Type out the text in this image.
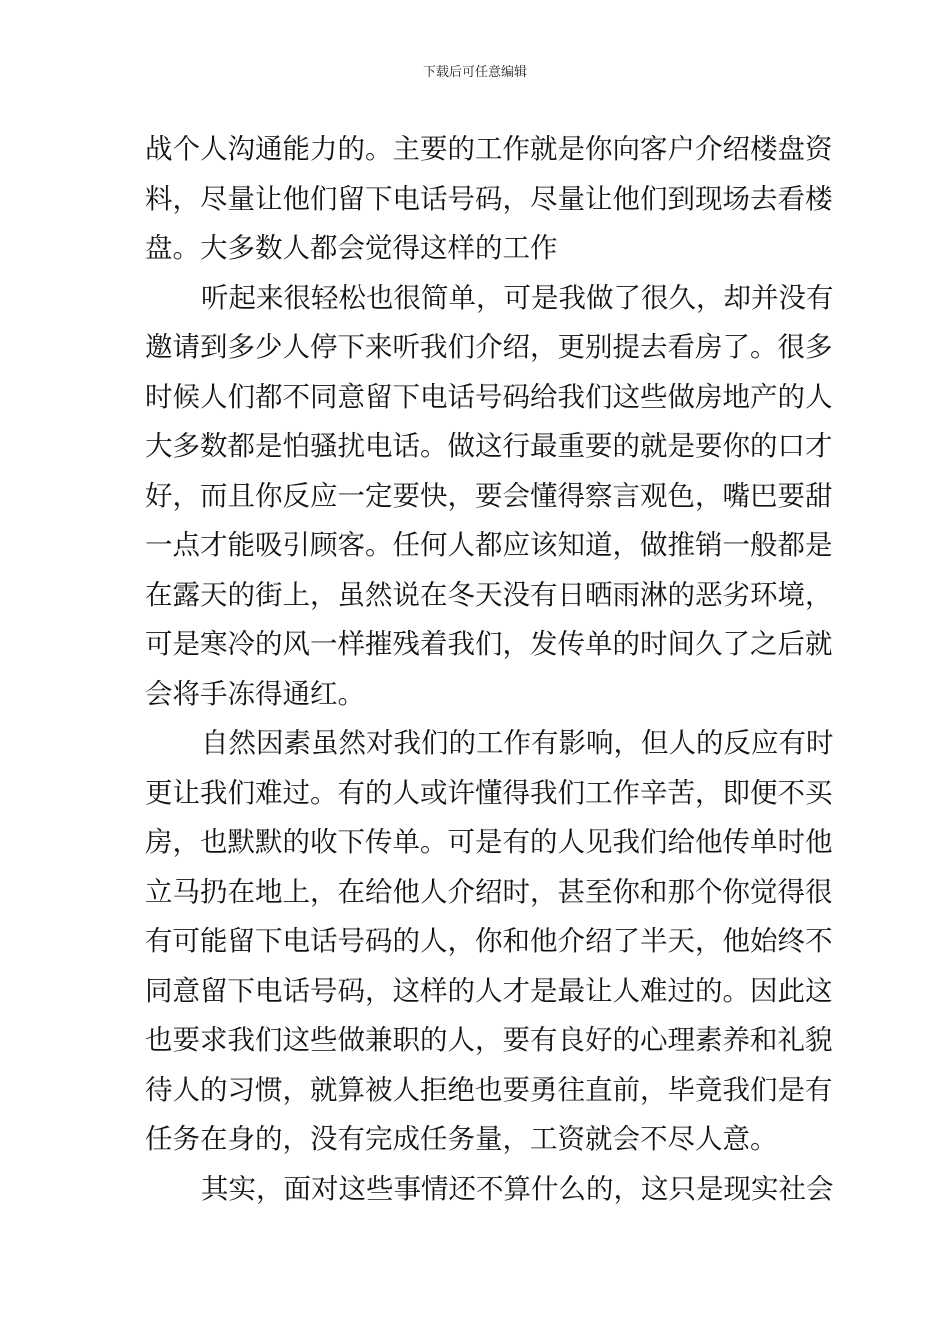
下载后可任意编辑

战个人沟通能力的。主要的工作就是你向客户介绍楼盘资
料，尽量让他们留下电话号码，尽量让他们到现场去看楼
盘。大多数人都会觉得这样的工作

听起来很轻松也很简单，可是我做了很久，却并没有
邀请到多少人停下来听我们介绍，更别提去看房了。很多
时候人们都不同意留下电话号码给我们这些做房地产的人
大多数都是怕骚扰电话。做这行最重要的就是要你的口才
好，而且你反应一定要快，要会懂得察言观色，嘴巴要甜
一点才能吸引顾客。任何人都应该知道，做推销一般都是
在露天的街上，虽然说在冬天没有日晒雨淋的恶劣环境，
可是寒冷的风一样摧残着我们，发传单的时间久了之后就
会将手冻得通红。

自然因素虽然对我们的工作有影响，但人的反应有时
更让我们难过。有的人或许懂得我们工作辛苦，即便不买
房，也默默的收下传单。可是有的人见我们给他传单时他
立马扔在地上，在给他人介绍时，甚至你和那个你觉得很
有可能留下电话号码的人，你和他介绍了半天，他始终不
同意留下电话号码，这样的人才是最让人难过的。因此这
也要求我们这些做兼职的人，要有良好的心理素养和礼貌
待人的习惯，就算被人拒绝也要勇往直前，毕竟我们是有
任务在身的，没有完成任务量，工资就会不尽人意。

其实，面对这些事情还不算什么的，这只是现实社会
